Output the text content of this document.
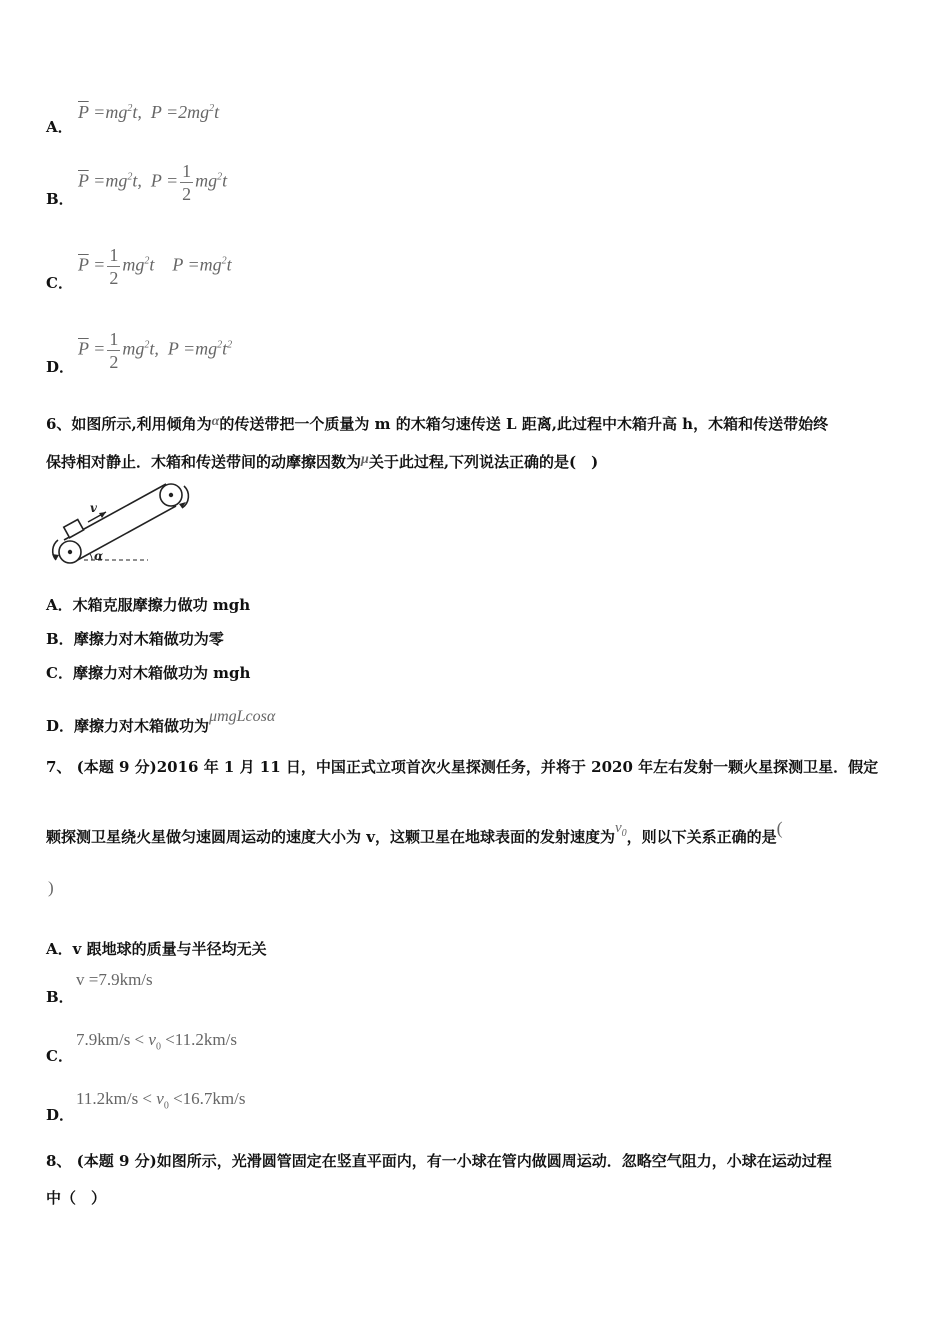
A．
$\overline{P} =mg^2t$,  $P =2mg^2t$
B．
$\overline{P} =mg^2t$,  $P = \frac{1}{2} mg^2t$
C．
$\overline{P} = \frac{1}{2} mg^2t$    $P =mg^2t$
D．
$\overline{P} = \frac{1}{2} mg^2t$,  $P =mg^2t^2$
6、如图所示,利用倾角为α的传送带把一个质量为 m 的木箱匀速传送 L 距离,此过程中木箱升高 h，木箱和传送带始终
保持相对静止．木箱和传送带间的动摩擦因数为μ关于此过程,下列说法正确的是(　)
v
α
A．木箱克服摩擦力做功 mgh
B．摩擦力对木箱做功为零
C．摩擦力对木箱做功为 mgh
D．摩擦力对木箱做功为μmgLcosα
7、 (本题 9 分)2016 年 1 月 11 日，中国正式立项首次火星探测任务，并将于 2020 年左右发射一颗火星探测卫星．假定
颗探测卫星绕火星做匀速圆周运动的速度大小为 v，这颗卫星在地球表面的发射速度为$v_0$，则以下关系正确的是(
)
A．v 跟地球的质量与半径均无关
B．
v =7.9km/s
C．
$7.9km/s < v_0 <11.2km/s$
D．
$11.2km/s < v_0 <16.7km/s$
8、 (本题 9 分)如图所示，光滑圆管固定在竖直平面内，有一小球在管内做圆周运动．忽略空气阻力，小球在运动过程
中（　）
